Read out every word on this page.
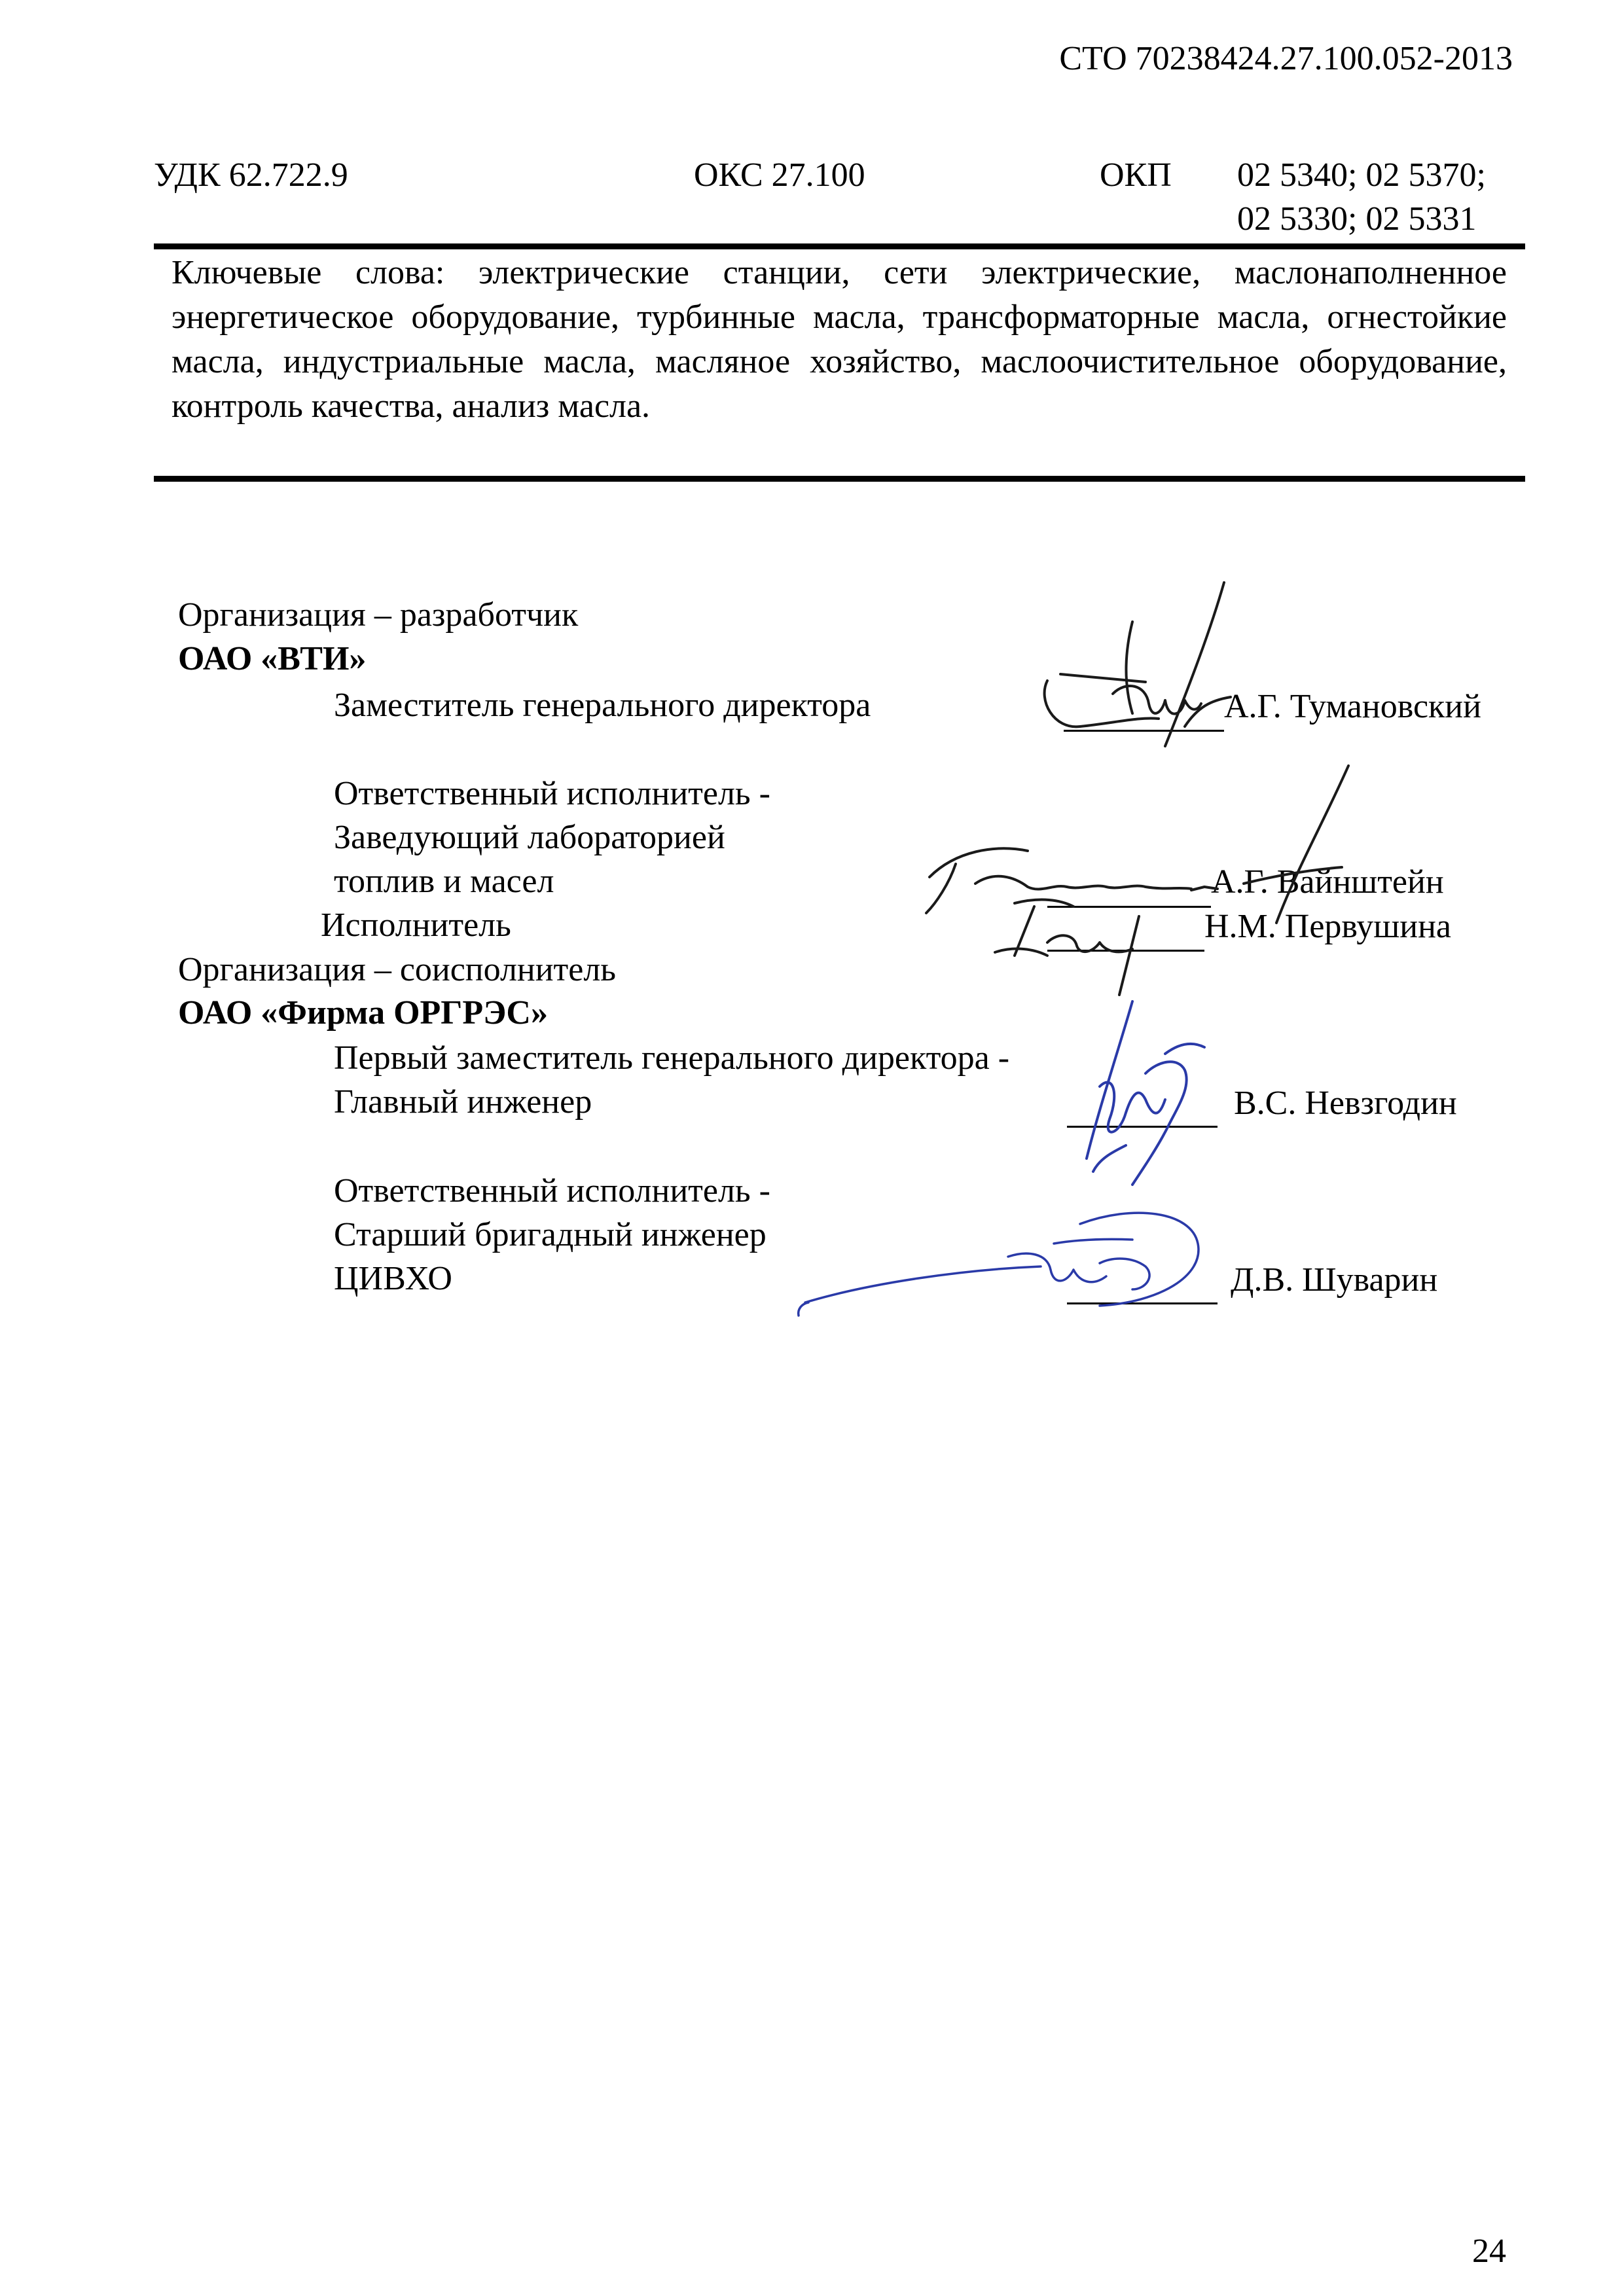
СТО 70238424.27.100.052-2013
УДК 62.722.9	ОКС 27.100	ОКП 02 5340; 02 5370;
02 5330; 02 5331

Ключевые слова: электрические станции, сети электрические, маслонаполненное энергетическое оборудование, турбинные масла, трансформаторные масла, огнестойкие масла, индустриальные масла, масляное хозяйство, маслоочистительное оборудование, контроль качества, анализ масла.

Организация – разработчик
ОАО «ВТИ»
Заместитель генерального директора	А.Г. Тумановский
Ответственный исполнитель -
Заведующий лабораторией
топлив и масел	А.Г. Вайнштейн
Исполнитель	Н.М. Первушина
Организация – соисполнитель
ОАО «Фирма ОРГРЭС»
Первый заместитель генерального директора -
Главный инженер	В.С. Невзгодин
Ответственный исполнитель -
Старший бригадный инженер
ЦИВХО	Д.В. Шуварин
24
